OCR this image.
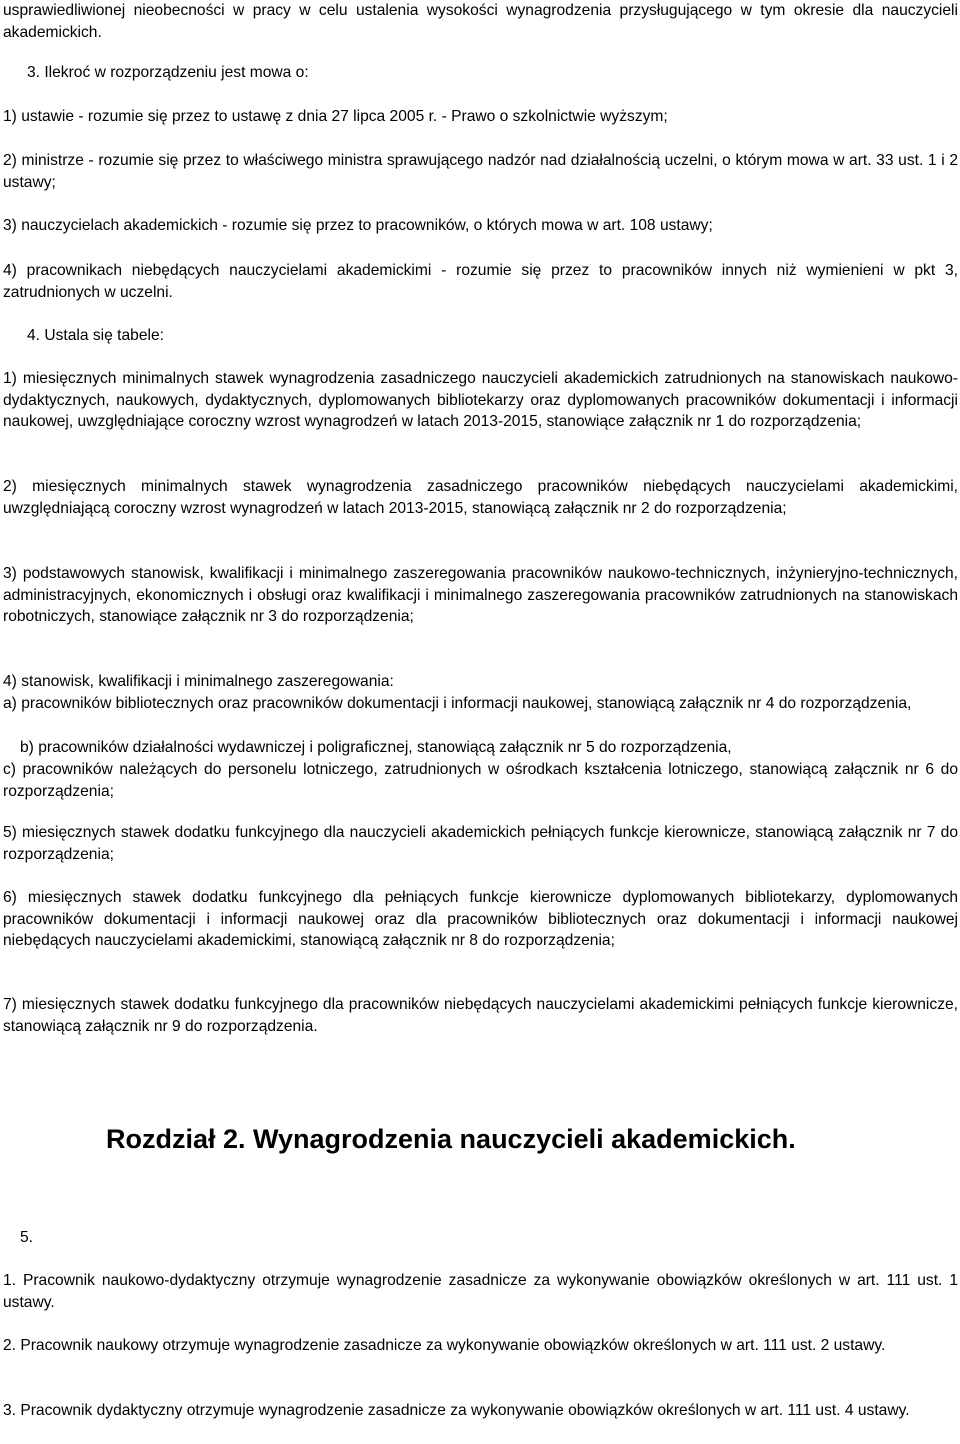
usprawiedliwionej nieobecności w pracy w celu ustalenia wysokości wynagrodzenia przysługującego w tym okresie dla nauczycieli akademickich.

3. Ilekroć w rozporządzeniu jest mowa o:

1) ustawie - rozumie się przez to ustawę z dnia 27 lipca 2005 r. - Prawo o szkolnictwie wyższym;

2) ministrze - rozumie się przez to właściwego ministra sprawującego nadzór nad działalnością uczelni, o którym mowa w art. 33 ust. 1 i 2 ustawy;

3) nauczycielach akademickich - rozumie się przez to pracowników, o których mowa w art. 108 ustawy;

4) pracownikach niebędących nauczycielami akademickimi - rozumie się przez to pracowników innych niż wymienieni w pkt 3, zatrudnionych w uczelni.

4. Ustala się tabele:

1) miesięcznych minimalnych stawek wynagrodzenia zasadniczego nauczycieli akademickich zatrudnionych na stanowiskach naukowo-dydaktycznych, naukowych, dydaktycznych, dyplomowanych bibliotekarzy oraz dyplomowanych pracowników dokumentacji i informacji naukowej, uwzględniające coroczny wzrost wynagrodzeń w latach 2013-2015, stanowiące załącznik nr 1 do rozporządzenia;

2) miesięcznych minimalnych stawek wynagrodzenia zasadniczego pracowników niebędących nauczycielami akademickimi, uwzględniającą coroczny wzrost wynagrodzeń w latach 2013-2015, stanowiącą załącznik nr 2 do rozporządzenia;

3) podstawowych stanowisk, kwalifikacji i minimalnego zaszeregowania pracowników naukowo-technicznych, inżynieryjno-technicznych, administracyjnych, ekonomicznych i obsługi oraz kwalifikacji i minimalnego zaszeregowania pracowników zatrudnionych na stanowiskach robotniczych, stanowiące załącznik nr 3 do rozporządzenia;

4) stanowisk, kwalifikacji i minimalnego zaszeregowania:

a) pracowników bibliotecznych oraz pracowników dokumentacji i informacji naukowej, stanowiącą załącznik nr 4 do rozporządzenia,

b) pracowników działalności wydawniczej i poligraficznej, stanowiącą załącznik nr 5 do rozporządzenia,

c) pracowników należących do personelu lotniczego, zatrudnionych w ośrodkach kształcenia lotniczego, stanowiącą załącznik nr 6 do rozporządzenia;

5) miesięcznych stawek dodatku funkcyjnego dla nauczycieli akademickich pełniących funkcje kierownicze, stanowiącą załącznik nr 7 do rozporządzenia;

6) miesięcznych stawek dodatku funkcyjnego dla pełniących funkcje kierownicze dyplomowanych bibliotekarzy, dyplomowanych pracowników dokumentacji i informacji naukowej oraz dla pracowników bibliotecznych oraz dokumentacji i informacji naukowej niebędących nauczycielami akademickimi, stanowiącą załącznik nr 8 do rozporządzenia;

7) miesięcznych stawek dodatku funkcyjnego dla pracowników niebędących nauczycielami akademickimi pełniących funkcje kierownicze, stanowiącą załącznik nr 9 do rozporządzenia.

Rozdział 2. Wynagrodzenia nauczycieli akademickich.

5.

1. Pracownik naukowo-dydaktyczny otrzymuje wynagrodzenie zasadnicze za wykonywanie obowiązków określonych w art. 111 ust. 1 ustawy.

2. Pracownik naukowy otrzymuje wynagrodzenie zasadnicze za wykonywanie obowiązków określonych w art. 111 ust. 2 ustawy.

3. Pracownik dydaktyczny otrzymuje wynagrodzenie zasadnicze za wykonywanie obowiązków określonych w art. 111 ust. 4 ustawy.
